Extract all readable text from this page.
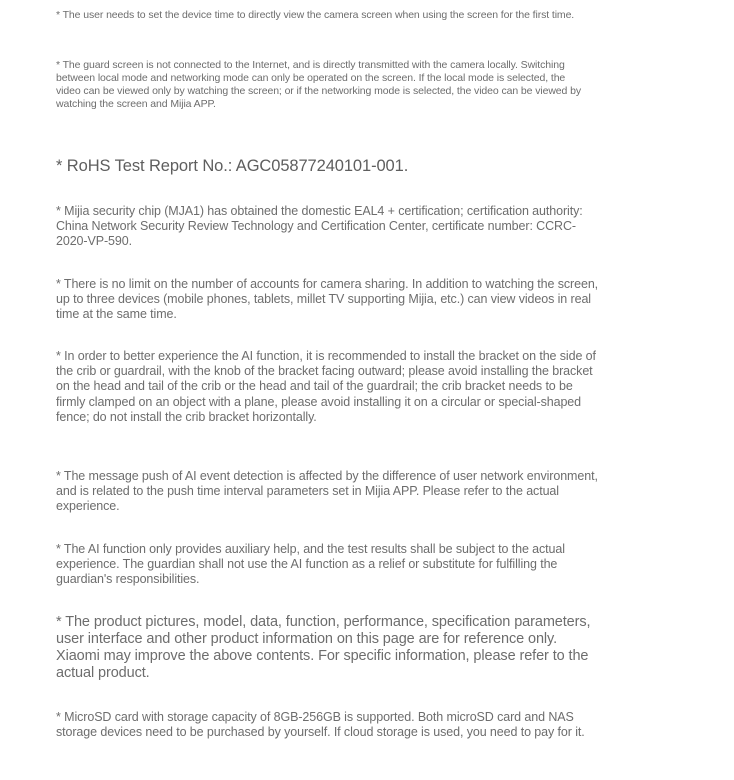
* The user needs to set the device time to directly view the camera screen when using the screen for the first time.

* The guard screen is not connected to the Internet, and is directly transmitted with the camera locally. Switching between local mode and networking mode can only be operated on the screen. If the local mode is selected, the video can be viewed only by watching the screen; or if the networking mode is selected, the video can be viewed by watching the screen and Mijia APP.

* RoHS Test Report No.: AGC05877240101-001.

* Mijia security chip (MJA1) has obtained the domestic EAL4 + certification; certification authority: China Network Security Review Technology and Certification Center, certificate number: CCRC-2020-VP-590.

* There is no limit on the number of accounts for camera sharing. In addition to watching the screen, up to three devices (mobile phones, tablets, millet TV supporting Mijia, etc.) can view videos in real time at the same time.

* In order to better experience the AI function, it is recommended to install the bracket on the side of the crib or guardrail, with the knob of the bracket facing outward; please avoid installing the bracket on the head and tail of the crib or the head and tail of the guardrail; the crib bracket needs to be firmly clamped on an object with a plane, please avoid installing it on a circular or special-shaped fence; do not install the crib bracket horizontally.

* The message push of AI event detection is affected by the difference of user network environment, and is related to the push time interval parameters set in Mijia APP. Please refer to the actual experience.

* The AI function only provides auxiliary help, and the test results shall be subject to the actual experience. The guardian shall not use the AI function as a relief or substitute for fulfilling the guardian's responsibilities.

* The product pictures, model, data, function, performance, specification parameters, user interface and other product information on this page are for reference only. Xiaomi may improve the above contents. For specific information, please refer to the actual product.

* MicroSD card with storage capacity of 8GB-256GB is supported. Both microSD card and NAS storage devices need to be purchased by yourself. If cloud storage is used, you need to pay for it.
